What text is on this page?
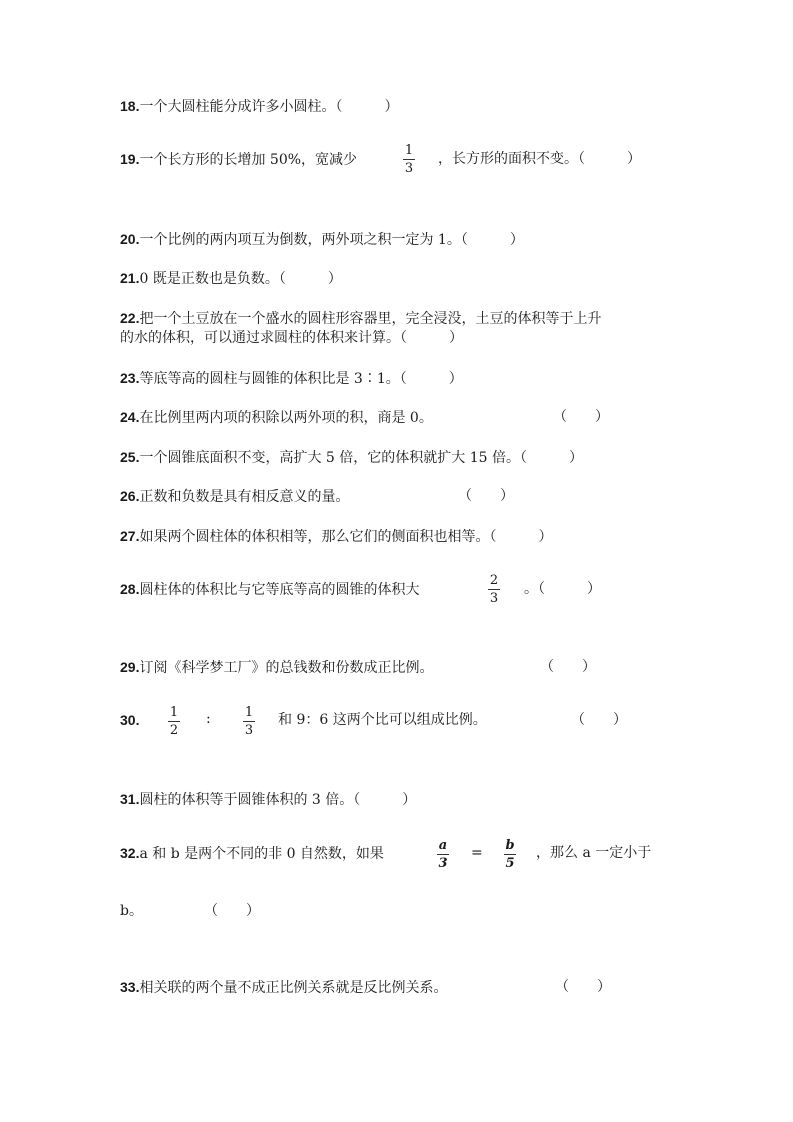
18.一个大圆柱能分成许多小圆柱。（　　　）
19.一个长方形的长增加 50%，宽减少
1
3
，长方形的面积不变。（　　　）
20.一个比例的两内项互为倒数，两外项之积一定为 1。（　　　）
21.0 既是正数也是负数。（　　　）
22.把一个土豆放在一个盛水的圆柱形容器里，完全浸没，土豆的体积等于上升
的水的体积，可以通过求圆柱的体积来计算。（　　　）
23.等底等高的圆柱与圆锥的体积比是 3∶1。（　　　）
24.在比例里两内项的积除以两外项的积，商是 0。	（　　）
25.一个圆锥底面积不变，高扩大 5 倍，它的体积就扩大 15 倍。（　　　）
26.正数和负数是具有相反意义的量。	（　　）
27.如果两个圆柱体的体积相等，那么它们的侧面积也相等。（　　　）
28.圆柱体的体积比与它等底等高的圆锥的体积大
2
3
。（　　　）
29.订阅《科学梦工厂》的总钱数和份数成正比例。	（　　）
30. 1
2
:	1
3
和 9：6 这两个比可以组成比例。	（　　）
31.圆柱的体积等于圆锥体积的 3 倍。（　　　）
32.a 和 b 是两个不同的非 0 自然数，如果
a
3
= b
5
，那么 a 一定小于
b。	（　　）
33.相关联的两个量不成正比例关系就是反比例关系。	（　　）
